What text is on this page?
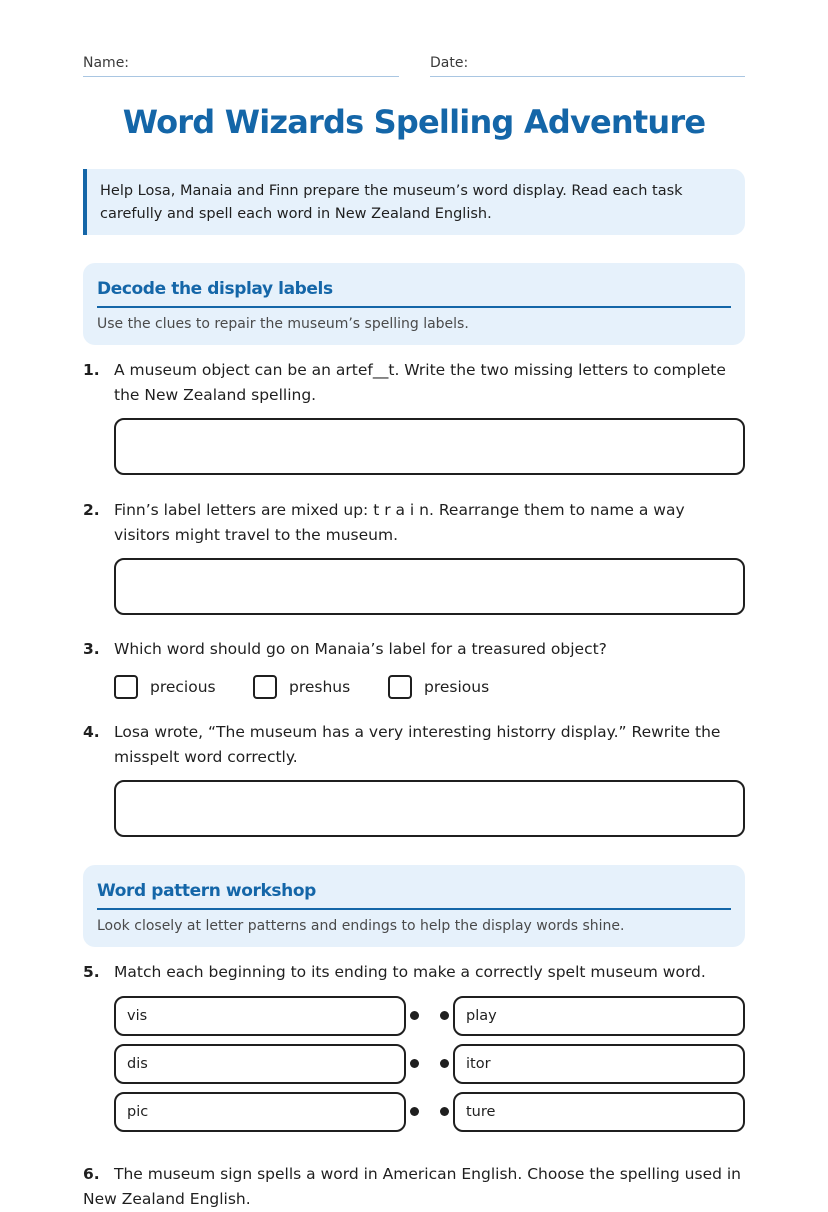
Name:	Date:
Word Wizards Spelling Adventure
Help Losa, Manaia and Finn prepare the museum’s word display. Read each task carefully and spell each word in New Zealand English.
Decode the display labels
Use the clues to repair the museum’s spelling labels.
1. A museum object can be an artef__t. Write the two missing letters to complete the New Zealand spelling.
2. Finn’s label letters are mixed up: t r a i n. Rearrange them to name a way visitors might travel to the museum.
3. Which word should go on Manaia’s label for a treasured object?
precious	preshus	presious
4. Losa wrote, “The museum has a very interesting historry display.” Rewrite the misspelt word correctly.
Word pattern workshop
Look closely at letter patterns and endings to help the display words shine.
5. Match each beginning to its ending to make a correctly spelt museum word.
vis	play
dis	itor
pic	ture
6. The museum sign spells a word in American English. Choose the spelling used in New Zealand English.
